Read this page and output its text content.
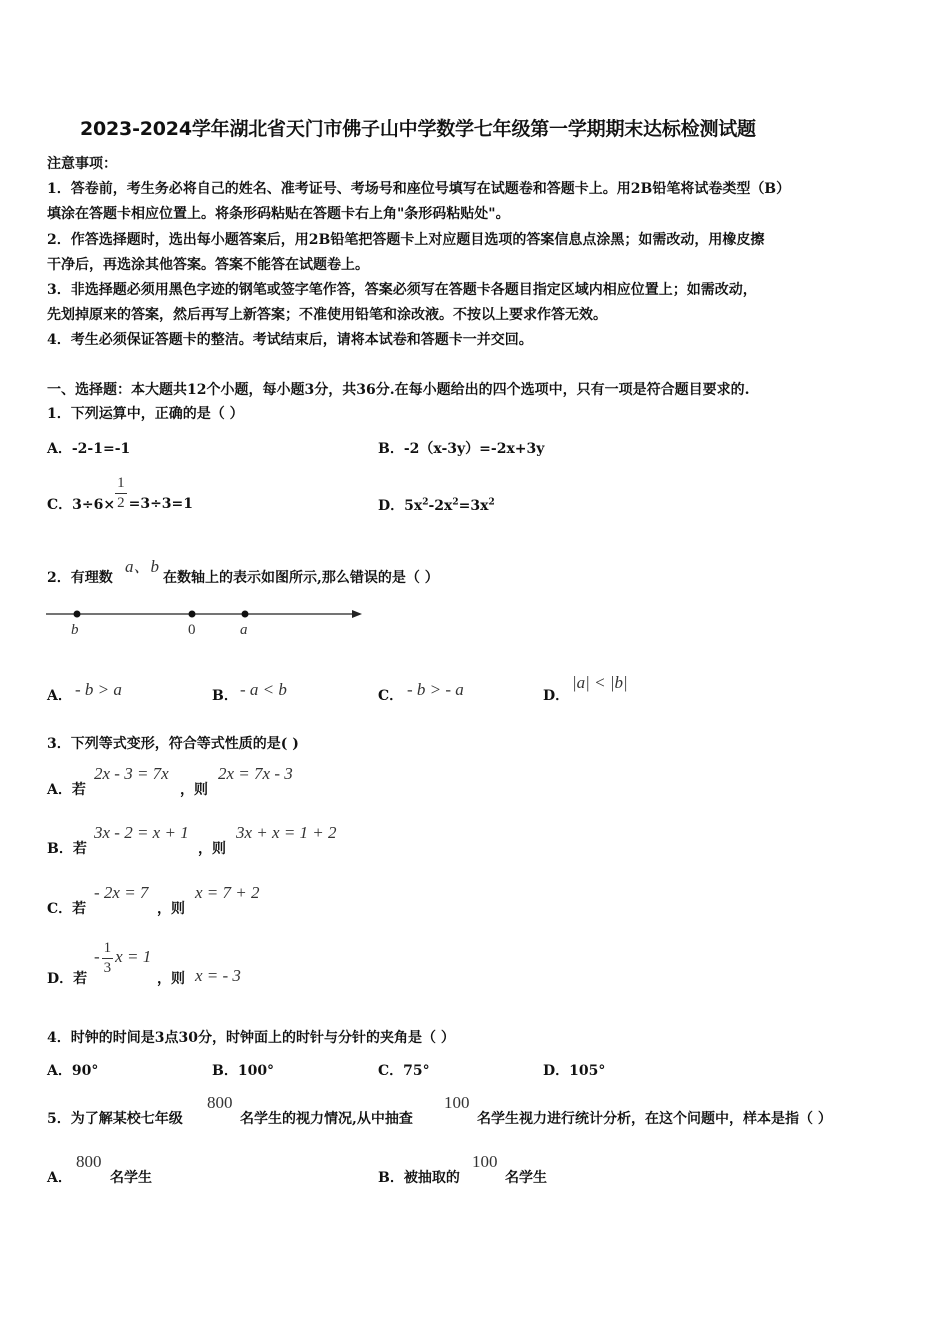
2023-2024学年湖北省天门市佛子山中学数学七年级第一学期期末达标检测试题
注意事项：
1．答卷前，考生务必将自己的姓名、准考证号、考场号和座位号填写在试题卷和答题卡上。用2B铅笔将试卷类型（B）
填涂在答题卡相应位置上。将条形码粘贴在答题卡右上角"条形码粘贴处"。
2．作答选择题时，选出每小题答案后，用2B铅笔把答题卡上对应题目选项的答案信息点涂黑；如需改动，用橡皮擦
干净后，再选涂其他答案。答案不能答在试题卷上。
3．非选择题必须用黑色字迹的钢笔或签字笔作答，答案必须写在答题卡各题目指定区域内相应位置上；如需改动，
先划掉原来的答案，然后再写上新答案；不准使用铅笔和涂改液。不按以上要求作答无效。
4．考生必须保证答题卡的整洁。考试结束后，请将本试卷和答题卡一并交回。
一、选择题：本大题共12个小题，每小题3分，共36分.在每小题给出的四个选项中，只有一项是符合题目要求的.
1．下列运算中，正确的是（ ）
A．-2-1=-1	B．-2（x-3y）=-2x+3y
C．$3\div 6\times \frac{1}{2} =3\div 3=1$	D．$5x^2-2x^2=3x^2$
2．有理数
a、b
在数轴上的表示如图所示,那么错误的是（ ）
b	0	a
A． - b > a	B． - a < b	C． - b > - a	D．
|a| < |b|
3．下列等式变形，符合等式性质的是( )
A．若
2x - 3 = 7x
，则
2x = 7x - 3
B．若
3x - 2 = x + 1
，则
3x + x = 1 + 2
C．若
- 2x = 7
，则
x = 7 + 2
D．若
- $\frac{1}{3}$ x = 1
，则 x = - 3
4．时钟的时间是3点30分，时钟面上的时针与分针的夹角是（ ）
A．90°	B．100°	C．75°	D．105°
5．为了解某校七年级
800
名学生的视力情况,从中抽查
100
名学生视力进行统计分析，在这个问题中，样本是指（ ）
A．
800
名学生	B．被抽取的
100
名学生
